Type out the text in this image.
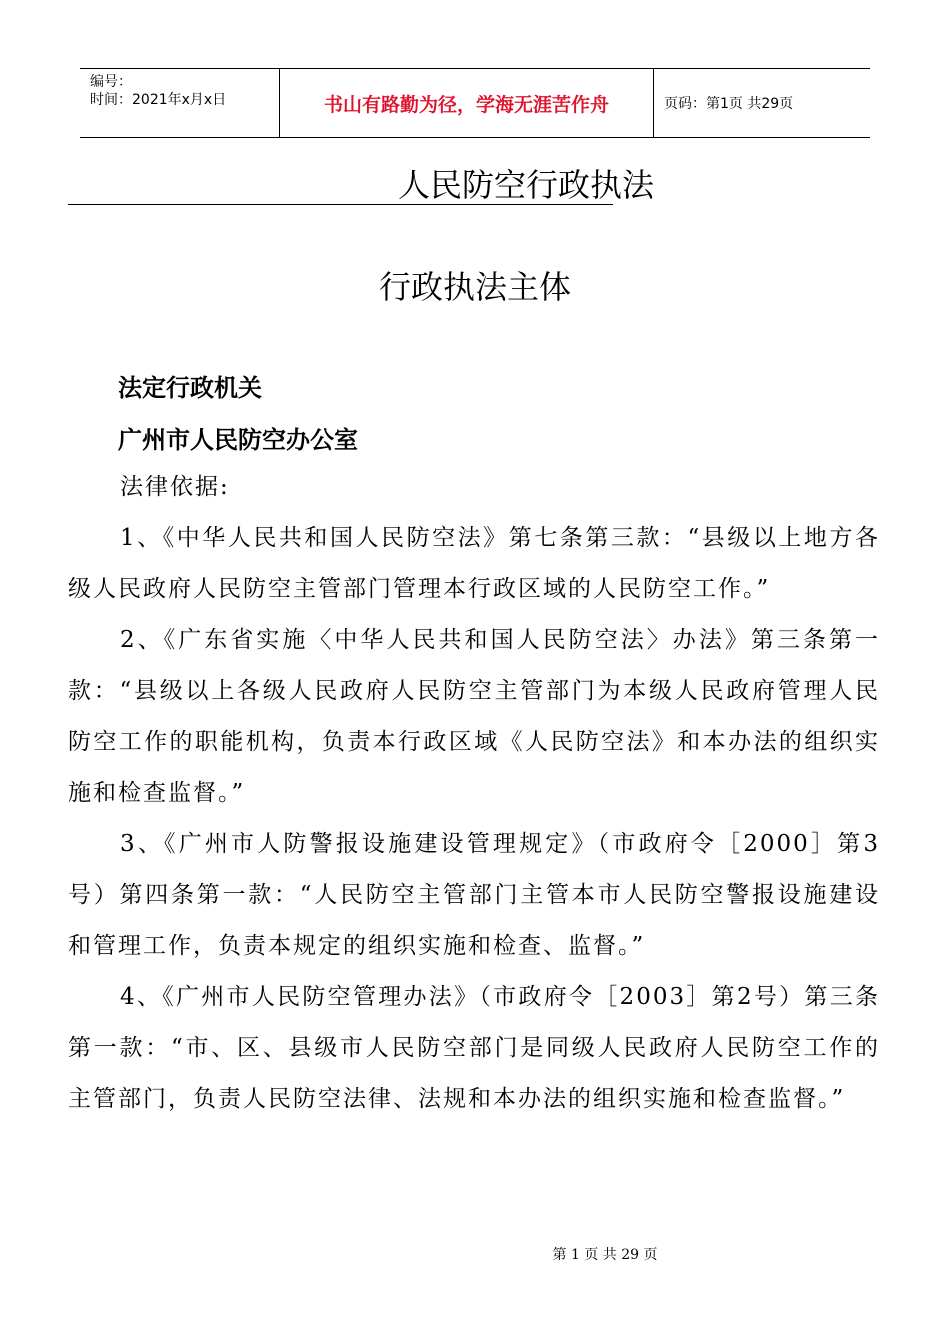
编号：
时间：2021年x月x日	书山有路勤为径，学海无涯苦作舟	页码：第1页 共29页
人民防空行政执法
行政执法主体
法定行政机关
广州市人民防空办公室

法律依据:

1、《中华人民共和国人民防空法》第七条第三款：“县级以上地方各级人民政府人民防空主管部门管理本行政区域的人民防空工作。”

2、《广东省实施〈中华人民共和国人民防空法〉办法》第三条第一款：“县级以上各级人民政府人民防空主管部门为本级人民政府管理人民防空工作的职能机构，负责本行政区域《人民防空法》和本办法的组织实施和检查监督。”

3、《广州市人防警报设施建设管理规定》（市政府令［2000］第3号）第四条第一款：“人民防空主管部门主管本市人民防空警报设施建设和管理工作，负责本规定的组织实施和检查、监督。”

4、《广州市人民防空管理办法》（市政府令［2003］第2号）第三条第一款：“市、区、县级市人民防空部门是同级人民政府人民防空工作的主管部门，负责人民防空法律、法规和本办法的组织实施和检查监督。”

第 1 页 共 29 页
